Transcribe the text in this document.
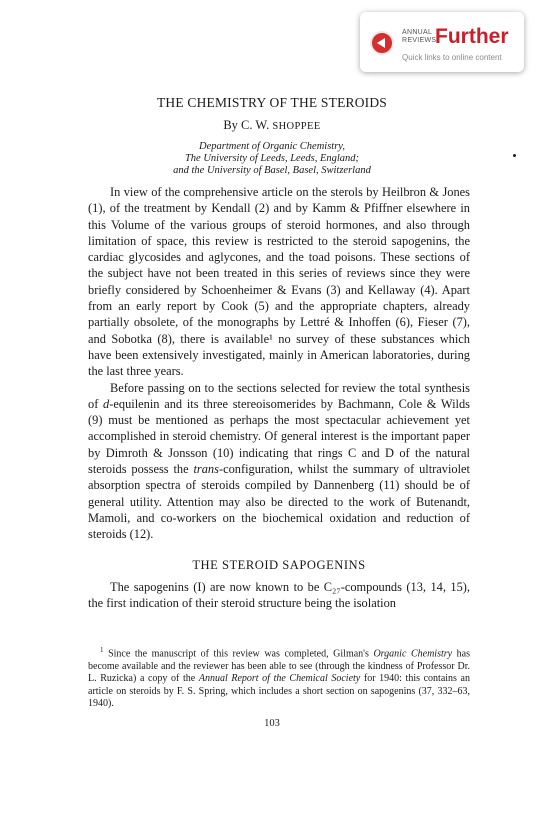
ANNUAL
REVIEWS
Further
Quick links to online content
THE CHEMISTRY OF THE STEROIDS
By C. W. SHOPPEE
Department of Organic Chemistry,
The University of Leeds, Leeds, England;
and the University of Basel, Basel, Switzerland

In view of the comprehensive article on the sterols by Heilbron & Jones (1), of the treatment by Kendall (2) and by Kamm & Pfiffner elsewhere in this Volume of the various groups of steroid hormones, and also through limitation of space, this review is restricted to the steroid sapogenins, the cardiac glycosides and aglycones, and the toad poisons. These sections of the subject have not been treated in this series of reviews since they were briefly considered by Schoenheimer & Evans (3) and Kellaway (4). Apart from an early report by Cook (5) and the appropriate chapters, already partially obsolete, of the monographs by Lettré & Inhoffen (6), Fieser (7), and Sobotka (8), there is available¹ no survey of these substances which have been extensively investigated, mainly in American laboratories, during the last three years.

Before passing on to the sections selected for review the total synthesis of d-equilenin and its three stereoisomerides by Bachmann, Cole & Wilds (9) must be mentioned as perhaps the most spectacular achievement yet accomplished in steroid chemistry. Of general interest is the important paper by Dimroth & Jonsson (10) indicating that rings C and D of the natural steroids possess the trans-configuration, whilst the summary of ultraviolet absorption spectra of steroids compiled by Dannenberg (11) should be of general utility. Attention may also be directed to the work of Butenandt, Mamoli, and co-workers on the biochemical oxidation and reduction of steroids (12).

THE STEROID SAPOGENINS

The sapogenins (I) are now known to be C₂₇-compounds (13, 14, 15), the first indication of their steroid structure being the isolation

$^1$ Since the manuscript of this review was completed, Gilman's Organic Chemistry has become available and the reviewer has been able to see (through the kindness of Professor Dr. L. Ruzicka) a copy of the Annual Report of the Chemical Society for 1940: this contains an article on steroids by F. S. Spring, which includes a short section on sapogenins (37, 332–63, 1940).
103
